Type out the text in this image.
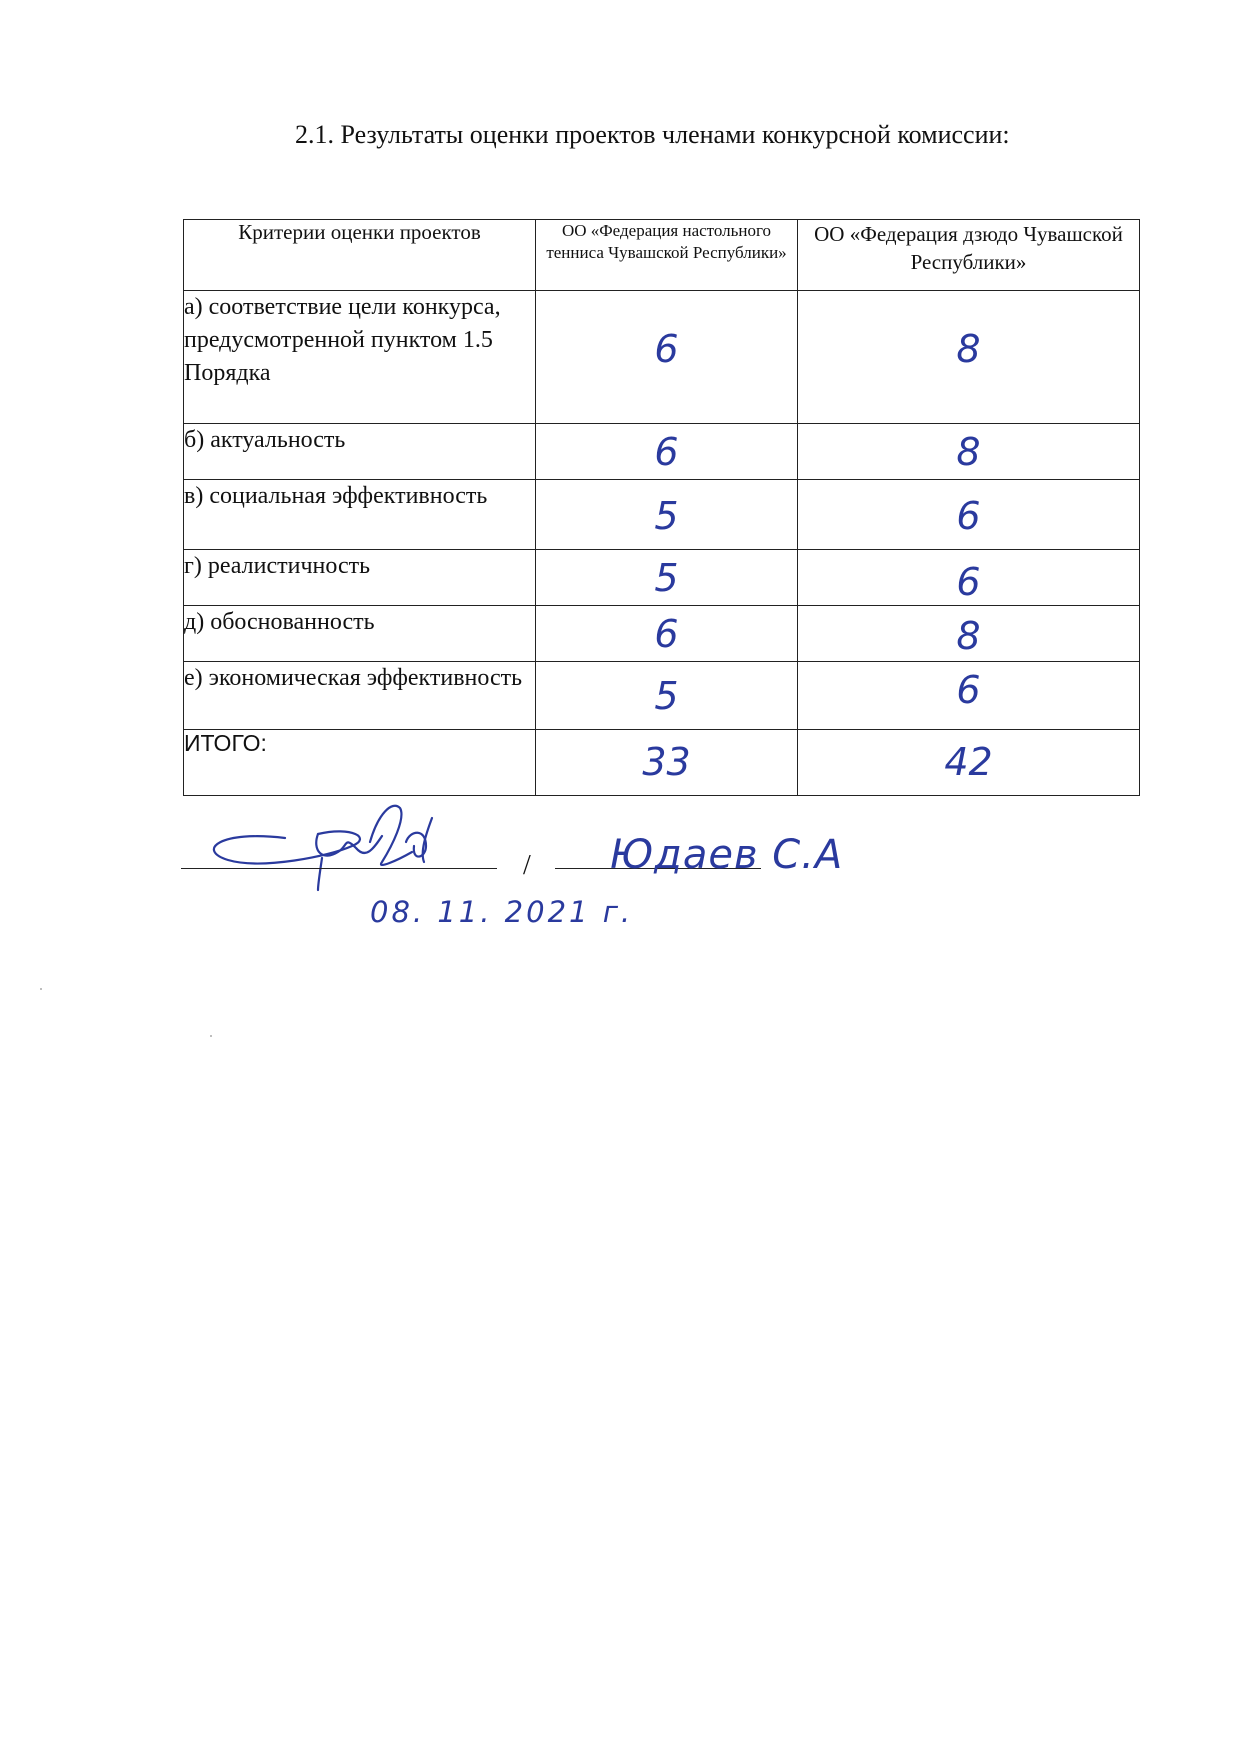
2.1. Результаты оценки проектов членами конкурсной комиссии:
Критерии оценки проектов	ОО «Федерация настольного тенниса Чувашской Республики»	ОО «Федерация дзюдо Чувашской Республики»
а) соответствие цели конкурса, предусмотренной пунктом 1.5 Порядка	6	8

б) актуальность	6	8

в) социальная эффективность	5	6

г) реалистичность	5	6

д) обоснованность	6	8

е) экономическая эффективность	5	6

ИТОГО:	33	42
/ Юдаев С.А
08. 11. 2021 г.
